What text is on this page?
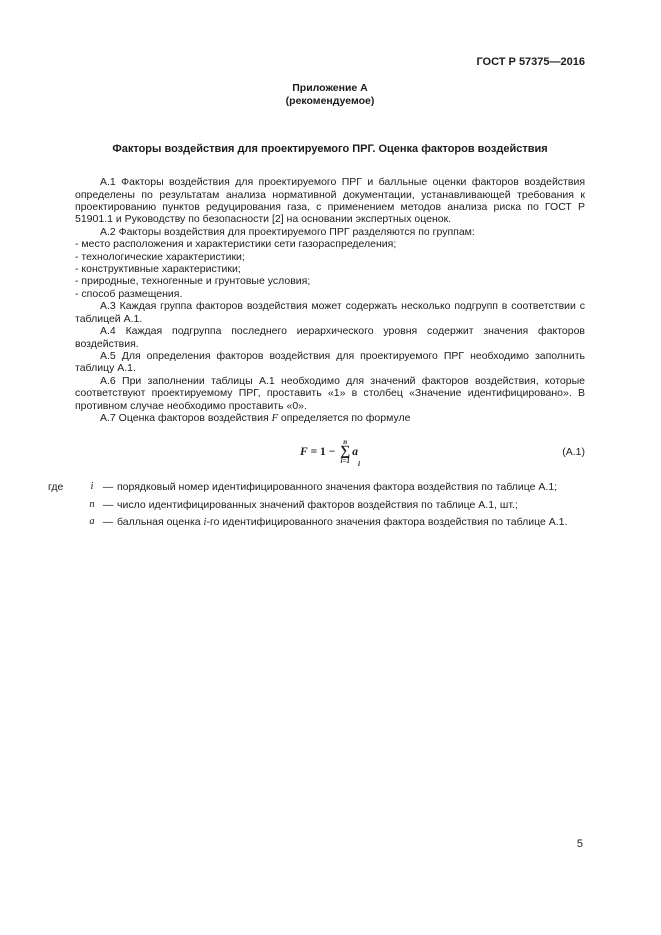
ГОСТ Р 57375—2016
Приложение А
(рекомендуемое)
Факторы воздействия для проектируемого ПРГ. Оценка факторов воздействия

А.1 Факторы воздействия для проектируемого ПРГ и балльные оценки факторов воздействия определены по результатам анализа нормативной документации, устанавливающей требования к проектированию пунктов редуцирования газа, с применением методов анализа риска по ГОСТ Р 51901.1 и Руководству по безопасности [2] на основании экспертных оценок.

А.2 Факторы воздействия для проектируемого ПРГ разделяются по группам:

- место расположения и характеристики сети газораспределения;
- технологические характеристики;
- конструктивные характеристики;
- природные, техногенные и грунтовые условия;
- способ размещения.

А.3 Каждая группа факторов воздействия может содержать несколько подгрупп в соответствии с таблицей А.1.

А.4 Каждая подгруппа последнего иерархического уровня содержит значения факторов воздействия.

А.5 Для определения факторов воздействия для проектируемого ПРГ необходимо заполнить таблицу А.1.

А.6 При заполнении таблицы А.1 необходимо для значений факторов воздействия, которые соответствуют проектируемому ПРГ, проставить «1» в столбец «Значение идентифицировано». В противном случае необходимо проставить «0».

А.7 Оценка факторов воздействия F определяется по формуле

F = 1 −
n
∑
i=1
a
i
(А.1)
где	i — порядковый номер идентифицированного значения фактора воздействия по таблице А.1;
n — число идентифицированных значений факторов воздействия по таблице А.1, шт.;
a — балльная оценка i-го идентифицированного значения фактора воздействия по таблице А.1.
5
